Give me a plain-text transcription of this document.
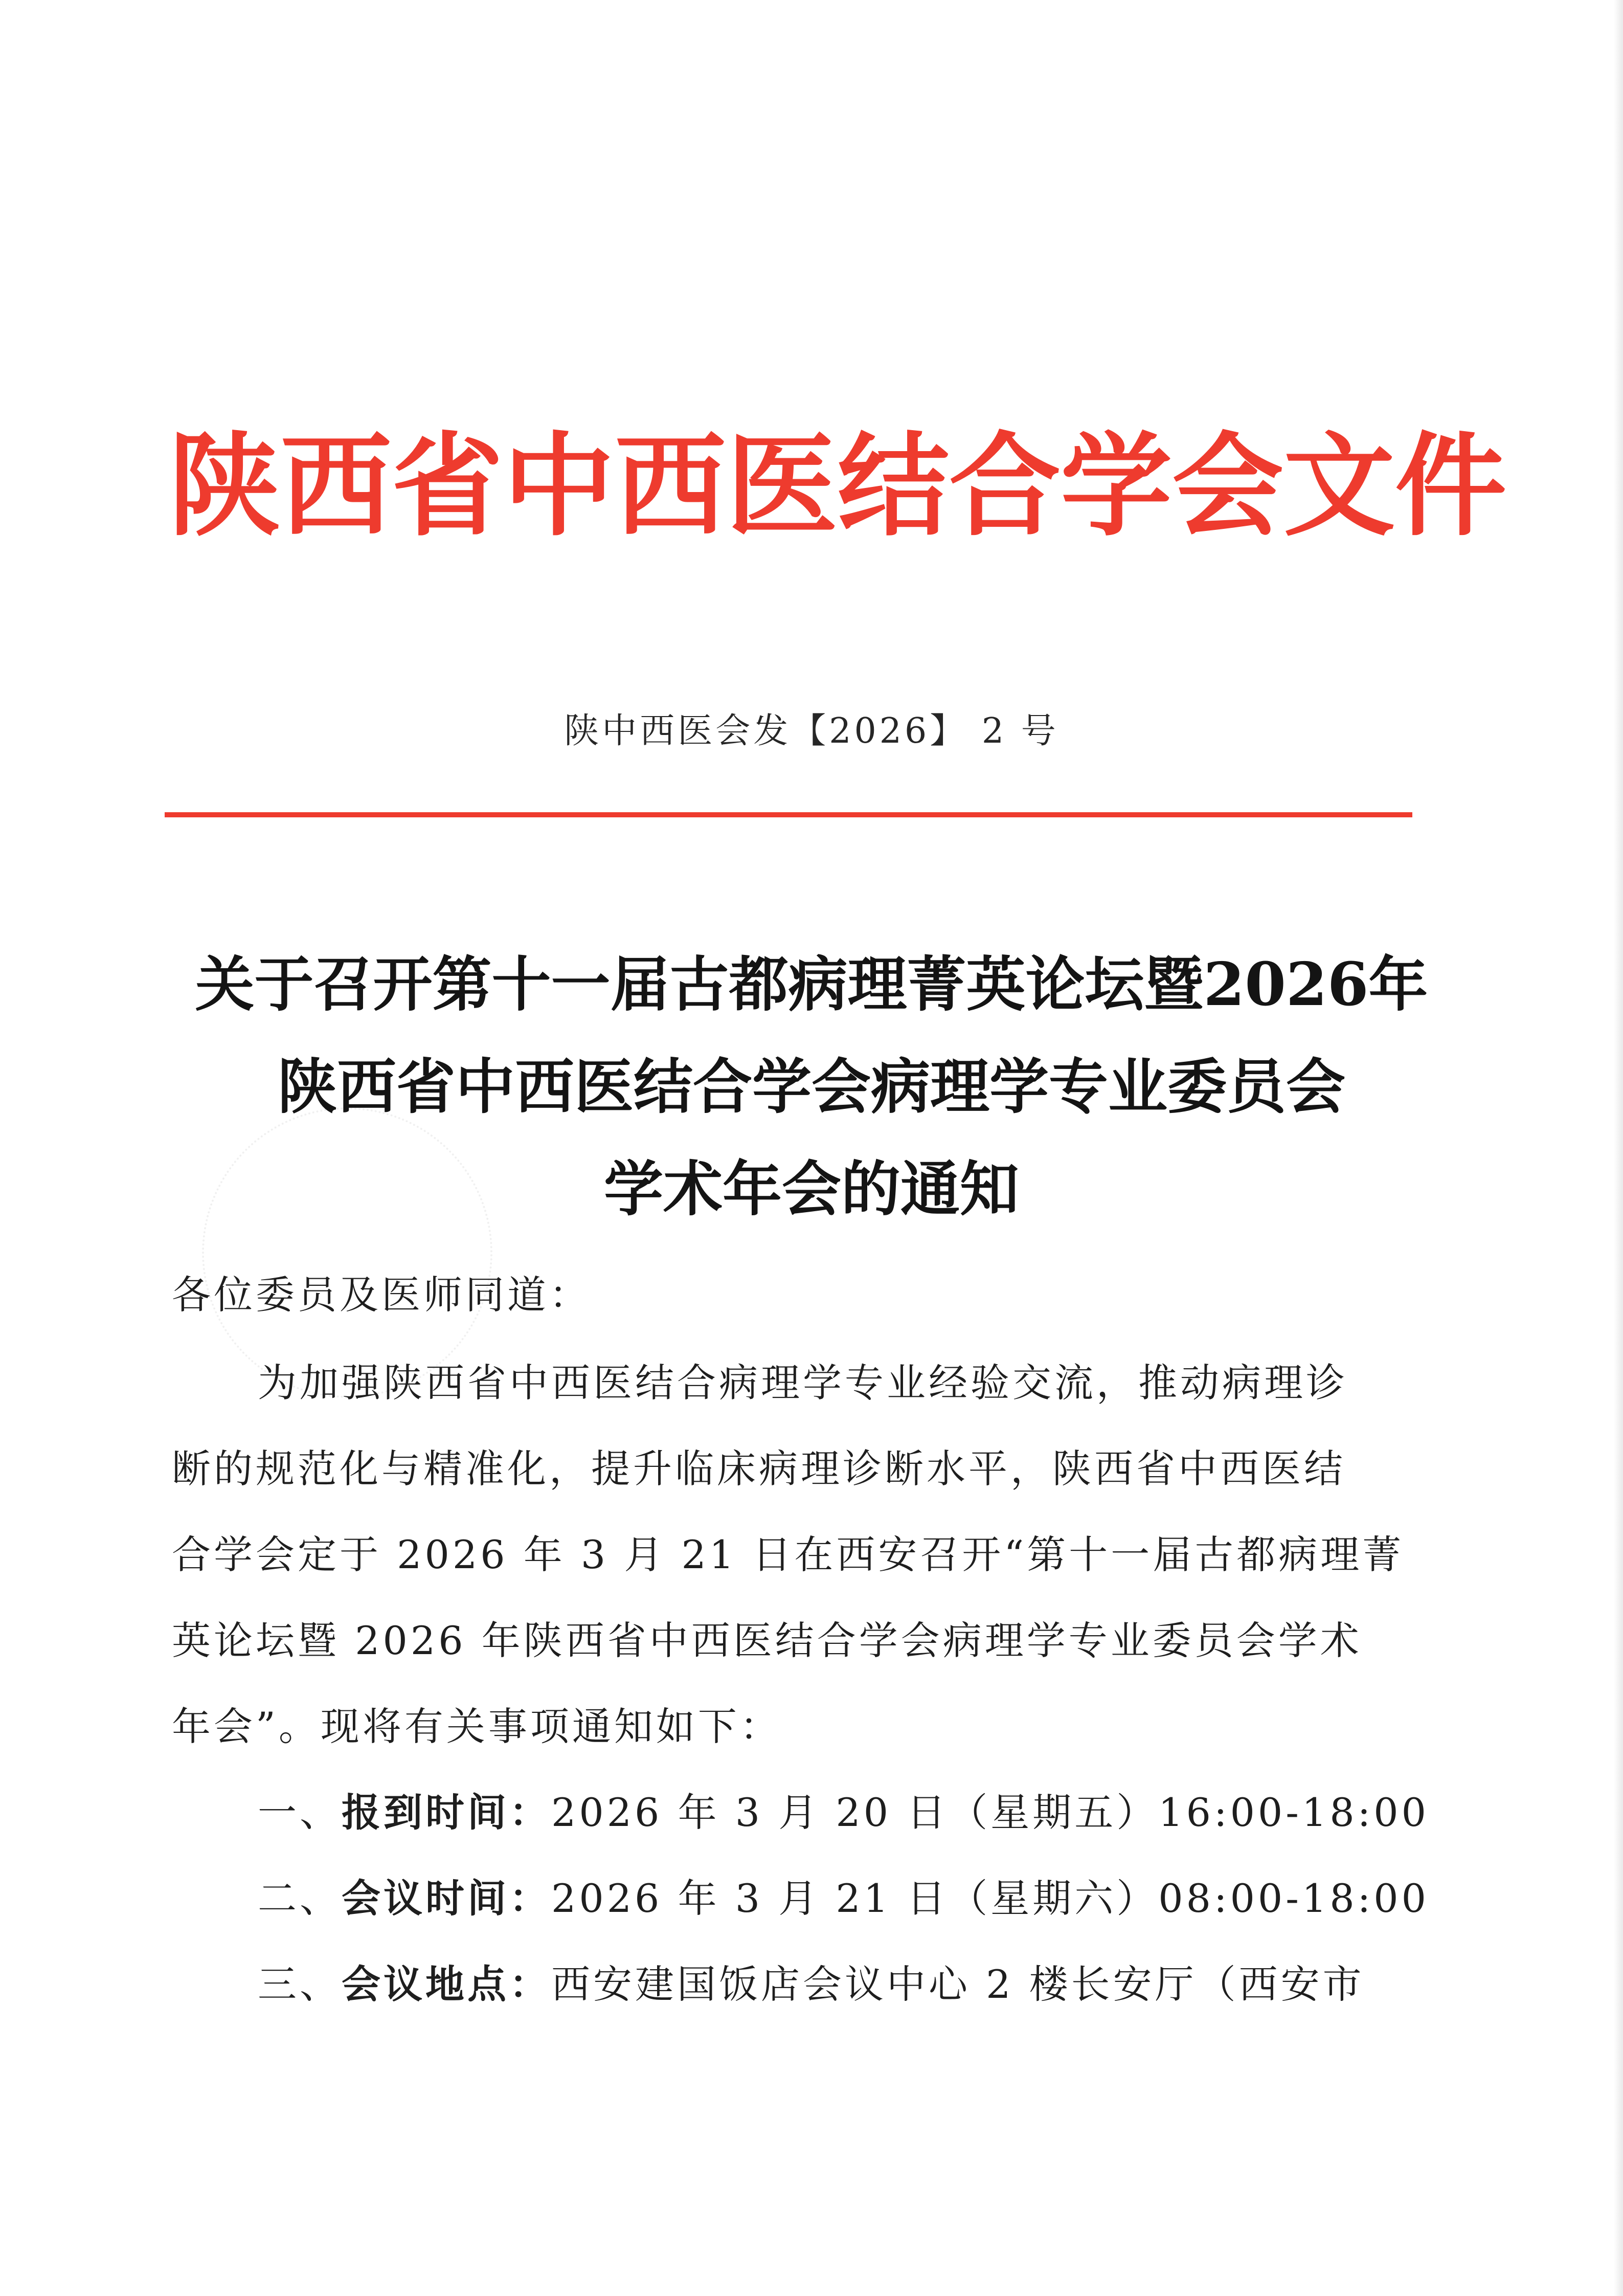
陕西省中西医结合学会文件
陕中西医会发【2026】 2 号
关于召开第十一届古都病理菁英论坛暨2026年
陕西省中西医结合学会病理学专业委员会
学术年会的通知
各位委员及医师同道：
为加强陕西省中西医结合病理学专业经验交流，推动病理诊
断的规范化与精准化，提升临床病理诊断水平，陕西省中西医结
合学会定于 2026 年 3 月 21 日在西安召开“第十一届古都病理菁
英论坛暨 2026 年陕西省中西医结合学会病理学专业委员会学术
年会”。现将有关事项通知如下：
一、报到时间：2026 年 3 月 20 日（星期五）16:00-18:00
二、会议时间：2026 年 3 月 21 日（星期六）08:00-18:00
三、会议地点：西安建国饭店会议中心 2 楼长安厅（西安市
